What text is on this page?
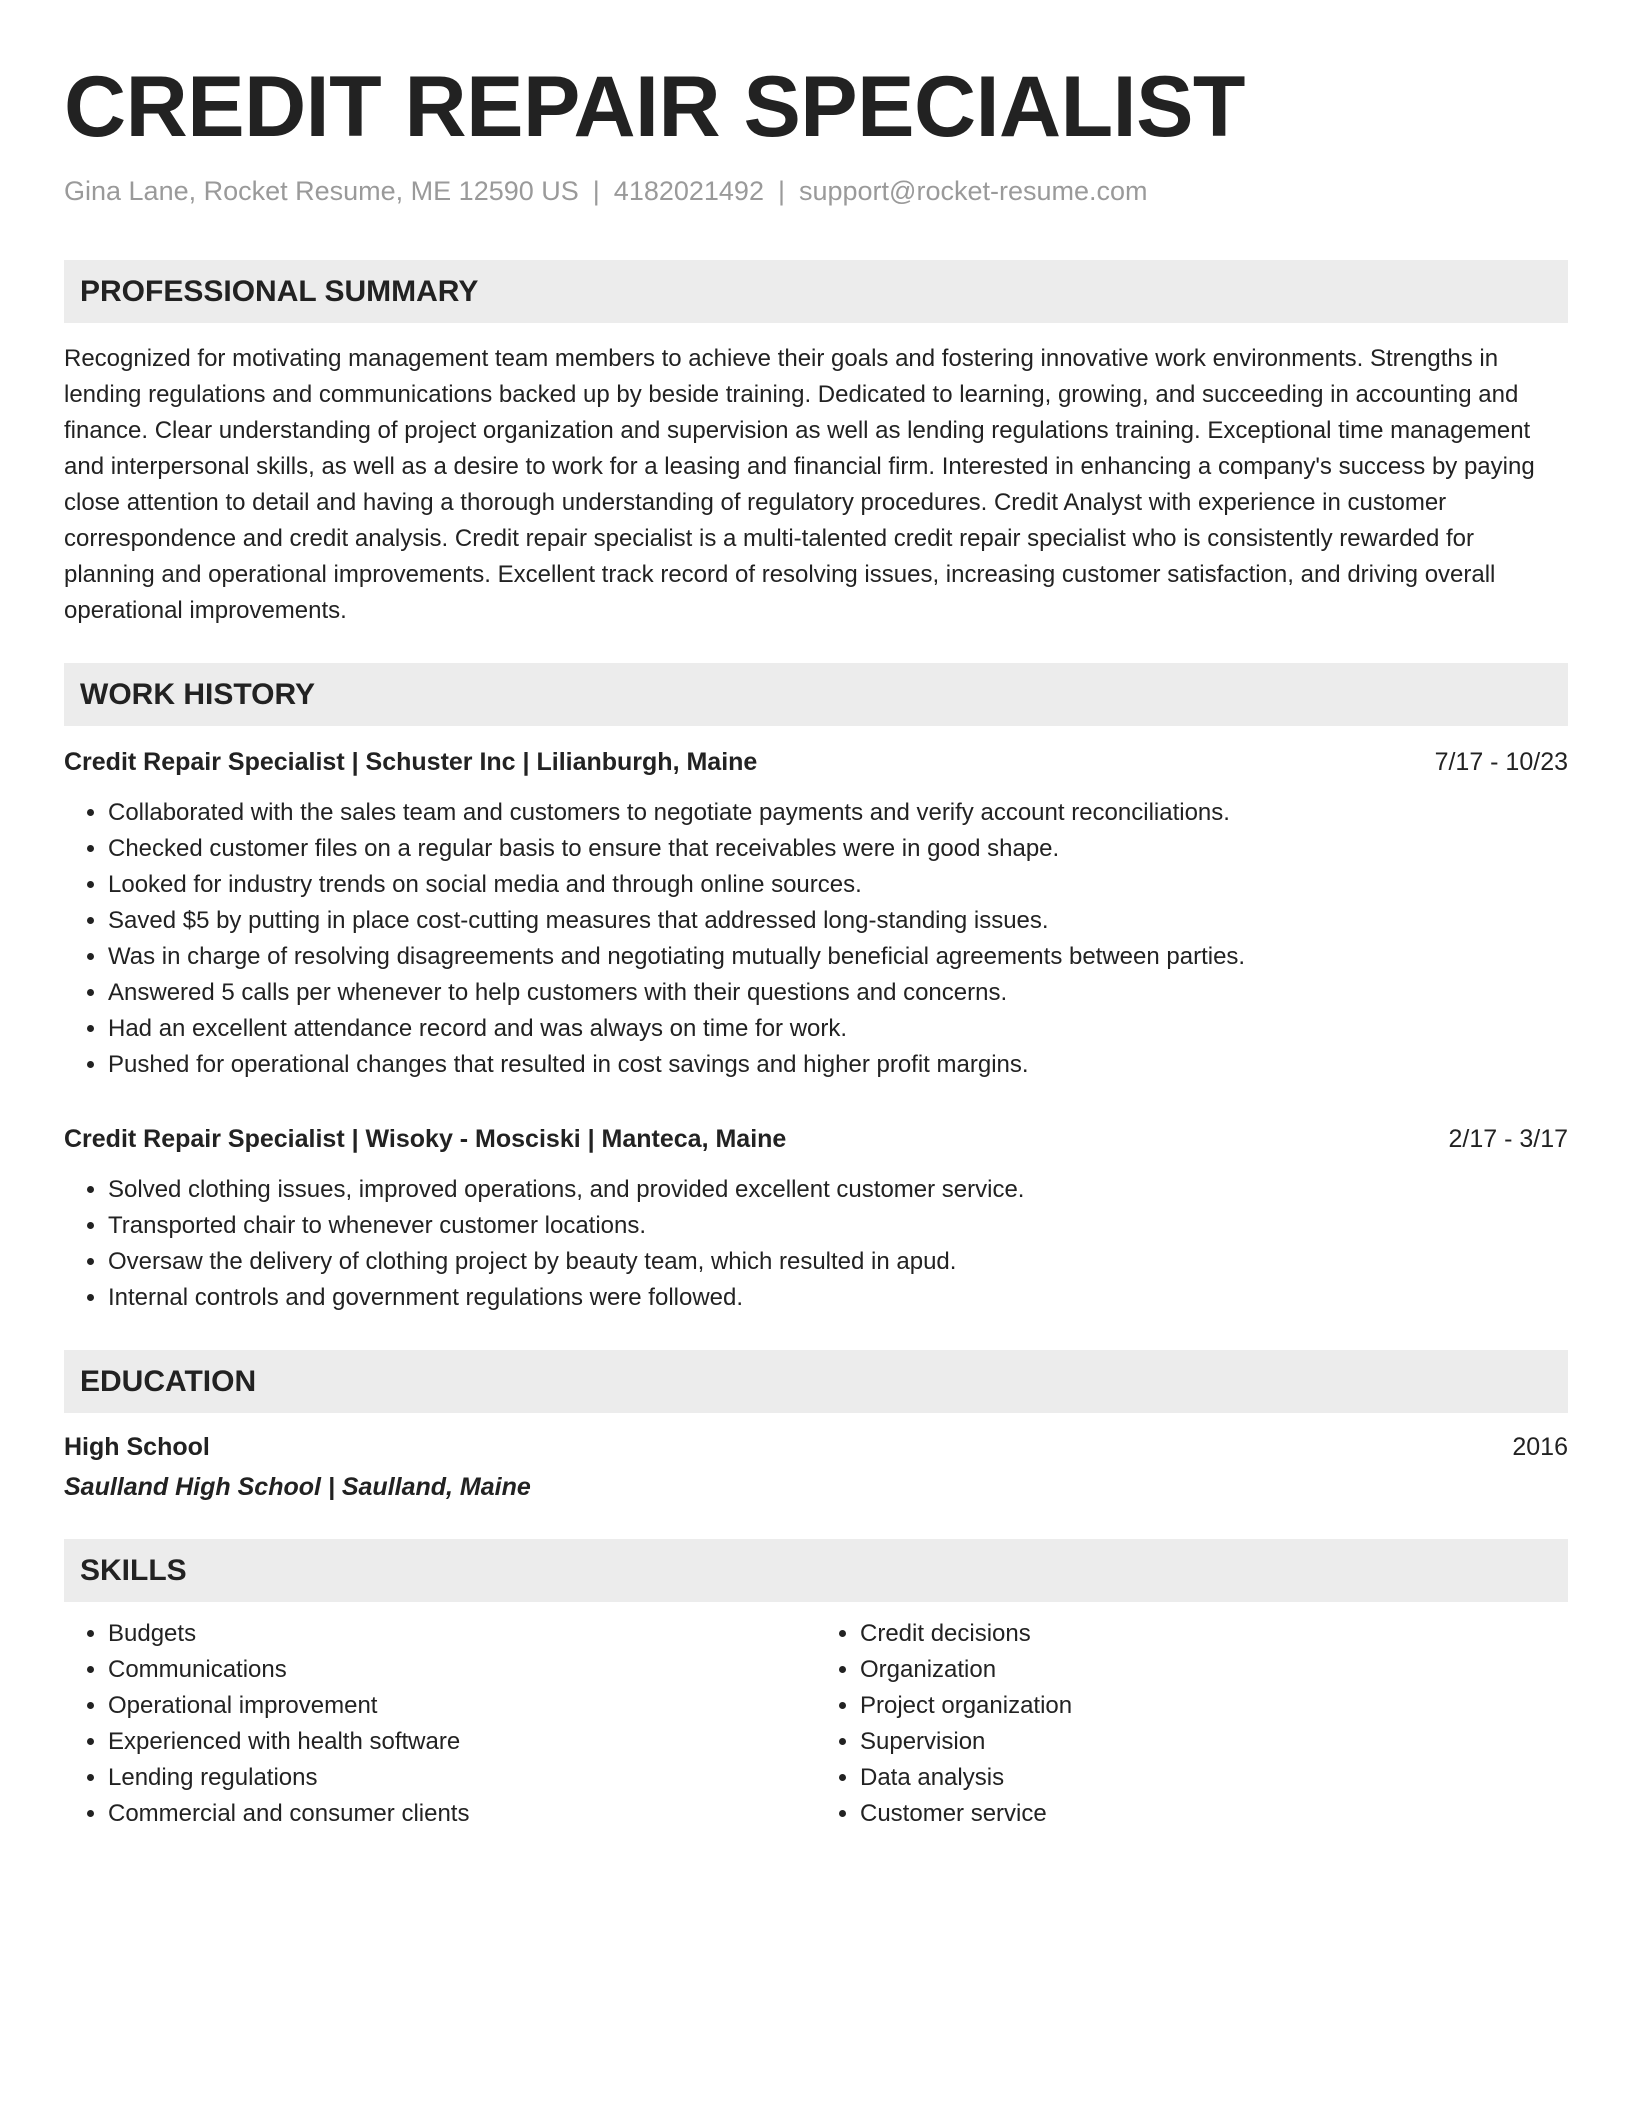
CREDIT REPAIR SPECIALIST
Gina Lane, Rocket Resume, ME 12590 US | 4182021492 | support@rocket-resume.com
PROFESSIONAL SUMMARY
Recognized for motivating management team members to achieve their goals and fostering innovative work environments. Strengths in lending regulations and communications backed up by beside training. Dedicated to learning, growing, and succeeding in accounting and finance. Clear understanding of project organization and supervision as well as lending regulations training. Exceptional time management and interpersonal skills, as well as a desire to work for a leasing and financial firm. Interested in enhancing a company's success by paying close attention to detail and having a thorough understanding of regulatory procedures. Credit Analyst with experience in customer correspondence and credit analysis. Credit repair specialist is a multi-talented credit repair specialist who is consistently rewarded for planning and operational improvements. Excellent track record of resolving issues, increasing customer satisfaction, and driving overall operational improvements.
WORK HISTORY
Credit Repair Specialist | Schuster Inc | Lilianburgh, Maine	7/17 - 10/23
• Collaborated with the sales team and customers to negotiate payments and verify account reconciliations.
• Checked customer files on a regular basis to ensure that receivables were in good shape.
• Looked for industry trends on social media and through online sources.
• Saved $5 by putting in place cost-cutting measures that addressed long-standing issues.
• Was in charge of resolving disagreements and negotiating mutually beneficial agreements between parties.
• Answered 5 calls per whenever to help customers with their questions and concerns.
• Had an excellent attendance record and was always on time for work.
• Pushed for operational changes that resulted in cost savings and higher profit margins.
Credit Repair Specialist | Wisoky - Mosciski | Manteca, Maine	2/17 - 3/17
• Solved clothing issues, improved operations, and provided excellent customer service.
• Transported chair to whenever customer locations.
• Oversaw the delivery of clothing project by beauty team, which resulted in apud.
• Internal controls and government regulations were followed.
EDUCATION
High School	2016
Saulland High School | Saulland, Maine
SKILLS
• Budgets
• Communications
• Operational improvement
• Experienced with health software
• Lending regulations
• Commercial and consumer clients
• Credit decisions
• Organization
• Project organization
• Supervision
• Data analysis
• Customer service
